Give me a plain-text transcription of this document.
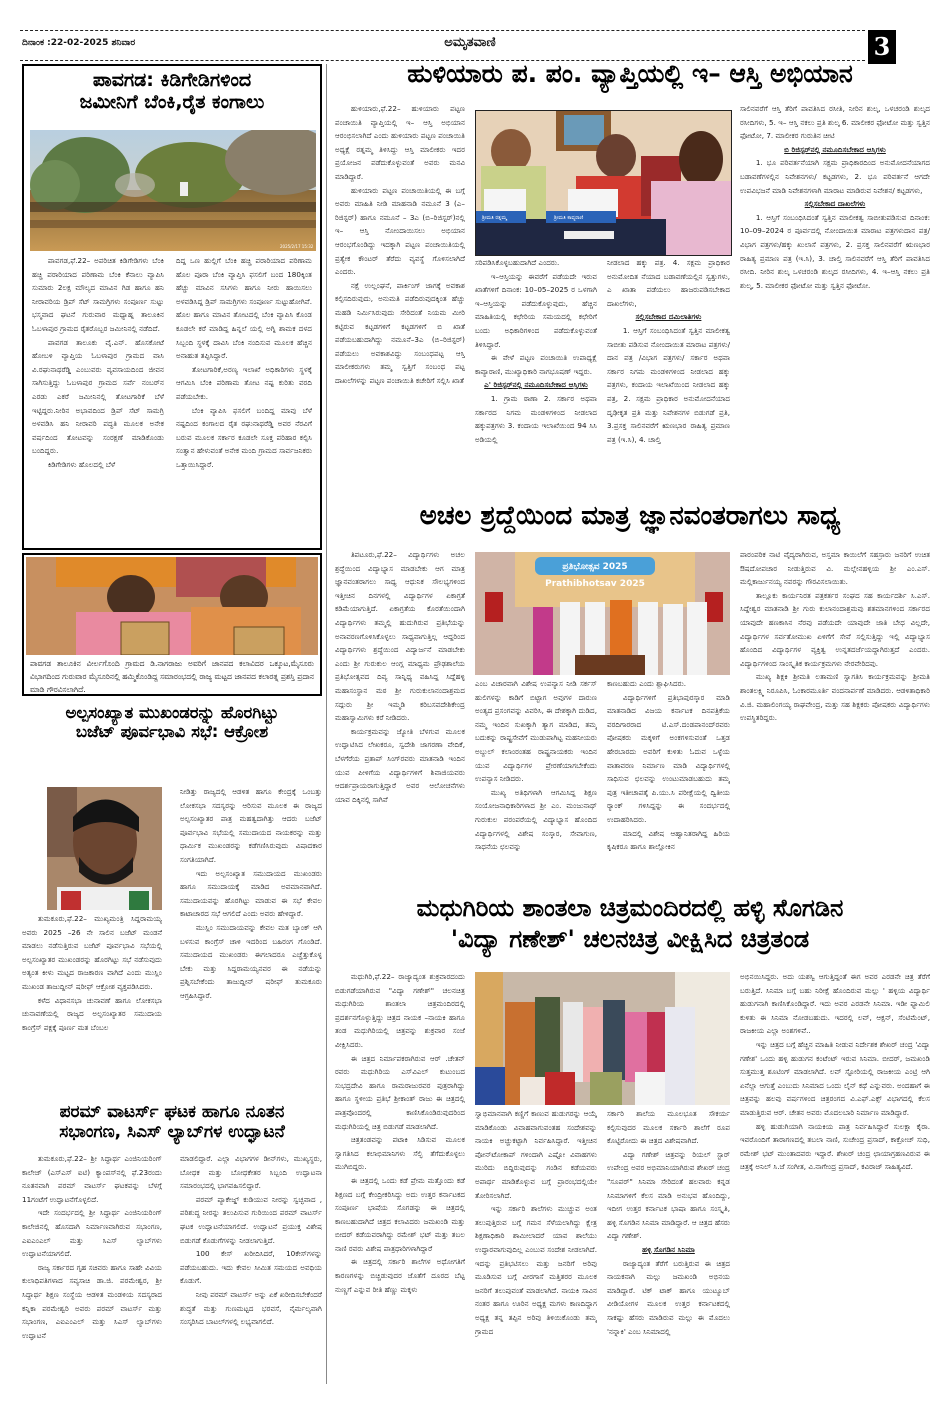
ದಿನಾಂಕ :22-02-2025 ಶನಿವಾರ	ಅಮೃತವಾಣಿ	3
ಪಾವಗಡ: ಕಿಡಿಗೇಡಿಗಳಿಂದ
ಜಮೀನಿಗೆ ಬೆಂಕಿ,ರೈತ ಕಂಗಾಲು
2025/2/17 15:32

ಪಾವಗಡ,ಫೆ.22– ಅಪರಿಚಿತ ಕಿಡಿಗೇಡಿಗಳು ಬೆಂಕಿ ಹಚ್ಚಿ ಪರಾರಿಯಾದ ಪರಿಣಾಮ ಬೆಂಕಿ ಕೆನಾಲು ವ್ಯಾಪಿಸಿ ಸುಮಾರು 2ಲಕ್ಷ ಮೌಲ್ಯದ ಮಾವಿನ ಗಿಡ ಹಾಗೂ ಹನಿ ನೀರಾವರಿಯ ಡ್ರಿಪ್ ಸೆಟ್ ಸಾಮಗ್ರಿಗಳು ಸಂಪೂರ್ಣ ಸುಟ್ಟು ಭಸ್ಮವಾದ ಘಟನೆ ಗುರುವಾರ ಮಧ್ಯಾಹ್ನ ತಾಲೂಕಿನ ಓಬಳಾಪುರ ಗ್ರಾಮದ ರೈತರೊಬ್ಬರ ಜಮೀನಿನಲ್ಲಿ ನಡೆದಿದೆ.

ಪಾವಗಡ ತಾಲೂಕು ವೈ.ಎನ್. ಹೊಸಕೋಟೆ ಹೋಬಳಿ ವ್ಯಾಪ್ತಿಯ ಓಬಳಾಪುರ ಗ್ರಾಮದ ವಾಸಿ ವಿ.ರಘುನಾಥರೆಡ್ಡಿ ಎಂಬುವರು ವ್ಯವಸಾಯದಿಂದ ಜೀವನ ಸಾಗಿಸುತ್ತಿದ್ದು ಓಬಳಾಪುರ ಗ್ರಾಮದ ಸರ್ವೆ ನಂಬರ್‌ನ ಎರಡು ಎಕರೆ ಜಮೀನಿನಲ್ಲಿ ತೋಟಗಾರಿಕೆ ಬೆಳೆ ಇಟ್ಟಿದ್ದರು.ನೀರಿನ ಅಭಾವದಿಂದ ಡ್ರಿಪ್ ಸೆಟ್ ಸಾಮಗ್ರಿ ಅಳವಡಿಸಿ ಹನಿ ನೀರಾವರಿ ಪದ್ಧತಿ ಮೂಲಕ ಅನೇಕ ವರ್ಷದಿಂದ ತೋಟವನ್ನು ಸಂರಕ್ಷಣೆ ಮಾಡಿಕೊಂಡು ಬಂದಿದ್ದರು.

ಕಿಡಿಗೇಡಿಗಳು ಹೊಲದಲ್ಲಿ ಬೆಳೆ

ದಿದ್ದ ಒಣ ಹುಲ್ಲಿಗೆ ಬೆಂಕಿ ಹಚ್ಚಿ ಪರಾರಿಯಾದ ಪರಿಣಾಮ ಹೊಲ ಪೂರಾ ಬೆಂಕಿ ವ್ಯಾಪ್ತಿಸಿ ಫಸಲಿಗೆ ಬಂದ 180ಕ್ಕಿಂತ ಹೆಚ್ಚು ಮಾವಿನ ಸಸಿಗಳು ಹಾಗೂ ನೀರು ಹಾಯಿಸಲು ಅಳವಡಿಸಿದ್ದ ಡ್ರಿಪ್ ಸಾಮಗ್ರಿಗಳು ಸಂಪೂರ್ಣ ಸುಟ್ಟುಹೋಗಿವೆ. ಹೊಲ ಹಾಗೂ ಮಾವಿನ ತೋಟದಲ್ಲಿ ಬೆಂಕಿ ವ್ಯಾಪಿಸಿ ಕೊಂಡ ಕೂಡಲೇ ಕರೆ ಮಾಡಿದ್ದ ಹಿನ್ನಲೆ ಯಲ್ಲಿ ಅಗ್ನಿ ಶಾಮಕ ದಳದ ಸಿಬ್ಬಂದಿ ಸ್ಥಳಕ್ಕೆ ದಾವಿಸಿ ಬೆಂಕಿ ನಂದಿಸುವ ಮೂಲಕ ಹೆಚ್ಚಿನ ಅನಾಹುತ ತಪ್ಪಿಸಿದ್ದಾರೆ.

ತೋಟಗಾರಿಕೆ,ಅರಣ್ಯ ಇಲಾಖೆ ಅಧಿಕಾರಿಗಳು ಸ್ಥಳಕ್ಕೆ ಆಗಮಿಸಿ ಬೆಂಕಿ ಪರಿಣಾಮ ತೋಟ ನಷ್ಟ ಕುರಿತು ವರದಿ ಪಡೆಯಬೇಕು.

ಬೆಂಕಿ ವ್ಯಾಪಿಸಿ ಫಸಲಿಗೆ ಬಂದಿದ್ದ ಮಾವು ಬೆಳೆ ನಷ್ಟದಿಂದ ಕಂಗಾಲದ ರೈತ ರಘುನಾಥರೆಡ್ಡಿ ಅವರ ನೆರವಿಗೆ ಬರುವ ಮೂಲಕ ಸರ್ಕಾರ ಕೂಡಲೇ ಸೂಕ್ತ ಪರಿಹಾರ ಕಲ್ಪಿಸಿ ಸಂತ್ವಾನ ಹೇಳುವಂತೆ ಅನೇಕ ಮಂದಿ ಗ್ರಾಮದ ಸಾರ್ವಜನಿಕರು ಒತ್ತಾಯಿಸಿದ್ದಾರೆ.

ಪಾವಗಡ ತಾಲೂಕಿನ ವೀರ್ಲಗೊಂದಿ ಗ್ರಾಮದ ಡಿ.ನಾಗರಾಜು ಅವರಿಗೆ ಜಾನಪದ ಕಲಾವಿದರ ಒಕ್ಕೂಟ,ಮೈಸೂರು ವಿಭಾಗದಿಂದ ಗುರುವಾರ ಮೈಸೂರಿನಲ್ಲಿ ಹಮ್ಮಿಕೊಂಡಿದ್ದ ಸಮಾರಂಭದಲ್ಲಿ ರಾಜ್ಯ ಮಟ್ಟದ ಜಾನಪದ ಕಲಾರತ್ನ ಪ್ರಶಸ್ತಿ ಪ್ರದಾನ ಮಾಡಿ ಗೌರವಿಸಲಾಗಿದೆ.
ಅಲ್ಪಸಂಖ್ಯಾತ ಮುಖಂಡರನ್ನು ಹೊರಗಿಟ್ಟು
ಬಜೆಟ್ ಪೂರ್ವಭಾವಿ ಸಭೆ: ಆಕ್ರೋಶ

ತುಮಕೂರು,ಫೆ.22– ಮುಖ್ಯಮಂತ್ರಿ ಸಿದ್ದರಾಮಯ್ಯ ಅವರು 2025 –26 ನೇ ಸಾಲಿನ ಬಜೆಟ್ ಮಂಡನೆ ಮಾಡಲು ನಡೆಸುತ್ತಿರುವ ಬಜೆಟ್ ಪೂರ್ವಭಾವಿ ಸಭೆಯಲ್ಲಿ ಅಲ್ಪಸಂಖ್ಯಾತರ ಮುಖಂಡರನ್ನು ಹೊರಗಿಟ್ಟು ಸಭೆ ನಡೆಸುವುದು ಅತ್ಯಂತ ಕೀಳು ಮಟ್ಟದ ರಾಜಕಾರಣ ವಾಗಿದೆ ಎಂದು ಮುಸ್ಲಿಂ ಮುಖಂಡ ತಾಜುದ್ದೀನ್ ಷರೀಫ್ ಆಕ್ರೋಶ ವ್ಯಕ್ತಪಡಿಸಿದರು.

ಕಳೆದ ವಿಧಾನಸಭಾ ಚುನಾವಣೆ ಹಾಗೂ ಲೋಕಸಭಾ ಚುನಾವಣೆಯಲ್ಲಿ ರಾಜ್ಯದ ಅಲ್ಪಸಂಖ್ಯಾತರ ಸಮುದಾಯ ಕಾಂಗ್ರೆಸ್ ಪಕ್ಷಕ್ಕೆ ಪೂರ್ಣ ಮತ ಬೆಂಬಲ

ನೀಡಿತ್ತು ರಾಜ್ಯದಲ್ಲಿ ಆಡಳಿತ ಹಾಗೂ ಕೇಂದ್ರಕ್ಕೆ ಒಂಬತ್ತು ಲೋಕಸಭಾ ಸದಸ್ಯರನ್ನು ಆರಿಸುವ ಮೂಲಕ ಈ ರಾಜ್ಯದ ಅಲ್ಪಸಂಖ್ಯಾತರ ಪಾತ್ರ ಮಹತ್ವದಾಗಿತ್ತು ಆದರು ಬಜೆಟ್ ಪೂರ್ವಭಾವಿ ಸಭೆಯಲ್ಲಿ ಸಮುದಾಯದ ನಾಯಕರನ್ನು ಮತ್ತು ಧಾರ್ಮಿಕ ಮುಖಂಡರನ್ನು ಕಡೆಗಣಿಸಿರುವುದು ವಿಷಾದಕಾರ ಸಂಗತಿಯಾಗಿದೆ.

ಇದು ಅಲ್ಪಸಂಖ್ಯಾತ ಸಮುದಾಯದ ಮುಖಂಡರು ಹಾಗೂ ಸಮುದಾಯಕ್ಕೆ ಮಾಡಿದ ಅವಮಾನವಾಗಿದೆ. ಸಮುದಾಯವನ್ನು ಹೊರಗಿಟ್ಟು ಮಾಡುವ ಈ ಸಭೆ ಕೇವಲ ಕಾಟಾಚಾರದ ಸಭೆ ಆಗಲಿದೆ ಎಂದು ಅವರು ಹೇಳಿದ್ದಾರೆ.

ಮುಸ್ಲಿಂ ಸಮುದಾಯವನ್ನು ಕೇವಲ ಮತ ಬ್ಯಾಂಕ್ ಆಗಿ ಬಳಸುವ ಕಾಂಗ್ರೆಸ್ ಚಾಳಿ ಇದರಿಂದ ಬಹಿರಂಗ ಗೊಂಡಿದೆ. ಸಮುದಾಯದ ಮುಖಂಡರು ಈಗಲಾದರೂ ಎಚ್ಚೆತ್ತುಕೊಳ್ಳ ಬೇಕು ಮತ್ತು ಸಿದ್ದರಾಮಯ್ಯನವರ ಈ ನಡೆಯನ್ನು ಪ್ರಶ್ನಿಸಬೇಕೆಂದು ತಾಜುದ್ದೀನ್ ಷರೀಫ್ ತುಮಕೂರು ಆಗ್ರಹಿಸಿದ್ದಾರೆ.

ಪರಮ್ ವಾಟರ್ಸ್ ಘಟಕ ಹಾಗೂ ನೂತನ
ಸಭಾಂಗಣ, ಸಿಎಸ್ ಲ್ಯಾಬ್‌ಗಳ ಉದ್ಘಾಟನೆ

ತುಮಕೂರು,ಫೆ.22– ಶ್ರೀ ಸಿದ್ಧಾರ್ಥ ಎಂಜಿನಿಯರಿಂಗ್ ಕಾಲೇಜ್ (ಎಸ್‌ಎಸ್ ಐಟಿ) ಕ್ಯಾಂಪಸ್‌ನಲ್ಲಿ ಫೆ.23ರಂದು ನೂತನವಾಗಿ ಪರಮ್ ವಾಟರ್ಸ್ ಘಟಕವನ್ನು ಬೆಳಗ್ಗೆ 11ಗಂಟೆಗೆ ಉದ್ಘಾಟನೆಗೊಳ್ಳಲಿದೆ.

ಇದೇ ಸಂದರ್ಭದಲ್ಲಿ ಶ್ರೀ ಸಿದ್ಧಾರ್ಥ ಎಂಜಿನಿಯರಿಂಗ್ ಕಾಲೇಜಿನಲ್ಲಿ ಹೊಸದಾಗಿ ನಿರ್ಮಾಣವಾಗಿರುವ ಸಭಾಂಗಣ, ಎಐಎಂಎಲ್ ಮತ್ತು ಸಿಎಸ್ ಲ್ಯಾಬ್‌ಗಳು ಉದ್ಘಾಟನೆಯಾಗಲಿದೆ.

ರಾಜ್ಯ ಸರ್ಕಾರದ ಗೃಹ ಸಚಿವರು ಹಾಗೂ ಸಾಹೇ ವಿವಿಯ ಕುಲಾಧಿಪತಿಗಳಾದ ಸವ್ಯಸಾಚಿ ಡಾ.ಜಿ. ಪರಮೇಶ್ವರ, ಶ್ರೀ ಸಿದ್ಧಾರ್ಥ ಶಿಕ್ಷಣ ಸಂಸ್ಥೆಯ ಆಡಳಿತ ಮಂಡಳಿಯ ಸದಸ್ಯರಾದ ಕನ್ನಿಕಾ ಪರಮೇಶ್ವರಿ ಅವರು ಪರಮ್ ವಾಟರ್ಸ್ ಮತ್ತು ಸಭಾಂಗಣ, ಎಐಎಂಎಲ್ ಮತ್ತು ಸಿಎಸ್ ಲ್ಯಾಬ್‌ಗಳು ಉದ್ಘಾಟನೆ

ಮಾಡಲಿದ್ದಾರೆ. ಎಲ್ಲಾ ವಿಭಾಗಗಳ ಡೀನ್‌ಗಳು, ಮುಖ್ಯಸ್ಥರು, ಬೋಧಕ ಮತ್ತು ಬೋಧಕೇತರ ಸಿಬ್ಬಂದಿ ಉದ್ಘಾಟನಾ ಸಮಾರಂಭದಲ್ಲಿ ಭಾಗವಹಿಸಲಿದ್ದಾರೆ.

ಪರಮ್ ಪ್ಯಾಕೇಜ್ಡ್ ಕುಡಿಯುವ ನೀರನ್ನು ಸ್ವಚ್ಛವಾದ , ಪರಿಶುದ್ಧ ನೀರನ್ನು ತಲುಪಿಸುವ ಗುರಿಯಿಂದ ಪರಮ್ ವಾಟರ್ಸ್ ಘಟಕ ಉದ್ಘಾಟನೆಯಾಗಲಿದೆ. ಉದ್ಘಾಟನೆ ಪ್ರಯುಕ್ತ ವಿಶೇಷ ಬಿಡುಗಡೆ ಕೊಡುಗೆಗಳನ್ನು ನೀಡಲಾಗುತ್ತಿದೆ.

100 ಕೇಸ್ ಖರೀದಿಸಿದರೆ, 10ಕೇಸ್‌ಗಳನ್ನು ಪಡೆಯಬಹುದು. ಇದು ಕೇವಲ ಸೀಮಿತ ಸಮಯದ ಅವಧಿಯ ಕೊಡುಗೆ.

ನೀವು ಪರಮ್ ವಾಟರ್ಸ್ ಅನ್ನು ಏಕೆ ಖರೀದಿಸಬೇಕೆಂದರೆ ಶುದ್ಧತೆ ಮತ್ತು ಗುಣಮಟ್ಟದ ಭರವಸೆ, ನೈರ್ಮಲ್ಯವಾಗಿ ಸಂಸ್ಕರಿಸಿದ ಬಾಟಲ್‌ಗಳಲ್ಲಿ ಲಭ್ಯವಾಗಲಿದೆ.

ಹುಳಿಯಾರು ಪ. ಪಂ. ವ್ಯಾಪ್ತಿಯಲ್ಲಿ ಇ– ಆಸ್ತಿ ಅಭಿಯಾನ

ಹುಳಿಯಾರು,ಫೆ.22– ಹುಳಿಯಾರು ಪಟ್ಟಣ ಪಂಚಾಯಿತಿ ವ್ಯಾಪ್ತಿಯಲ್ಲಿ ಇ– ಆಸ್ತಿ ಅಭಿಯಾನ ಆರಂಭಿಸಲಾಗಿದೆ ಎಂದು ಹುಳಿಯಾರು ಪಟ್ಟಣ ಪಂಚಾಯಿತಿ ಅಧ್ಯಕ್ಷೆ ರತ್ನಮ್ಮ ತಿಳಿಸಿದ್ದು ಆಸ್ತಿ ಮಾಲೀಕರು ಇದರ ಪ್ರಯೋಜನ ಪಡೆದುಕೊಳ್ಳುವಂತೆ ಅವರು ಮನವಿ ಮಾಡಿದ್ದಾರೆ.

ಹುಳಿಯಾರು ಪಟ್ಟಣ ಪಂಚಾಯಿತಿಯಲ್ಲಿ ಈ ಬಗ್ಗೆ ಅವರು ಮಾಹಿತಿ ನೀಡಿ ಮಾಹನಾಡಿ ನಮೂನೆ 3 (ಎ–ರಿಜಿಸ್ಟರ್) ಹಾಗೂ ನಮೂನೆ – 3ಎ (ಬಿ–ರಿಜಿಸ್ಟರ್)ನಲ್ಲಿ ಇ– ಆಸ್ತಿ ನೋಂದಾಯಿಸಲು ಅಭಿಯಾನ ಆರಂಭಗೊಂಡಿದ್ದು ಇದಕ್ಕಾಗಿ ಪಟ್ಟಣ ಪಂಚಾಯಿತಿಯಲ್ಲಿ ಪ್ರತ್ಯೇಕ ಕೌಂಟರ್ ತೆರೆದು ವ್ಯವಸ್ಥೆ ಗೊಳಿಸಲಾಗಿದೆ ಎಂದರು.

ನಕ್ಷೆ ಉಲ್ಲಂಘನೆ, ಪಾರ್ಕಿಂಗ್ ಜಾಗಕ್ಕೆ ಅವಕಾಶ ಕಲ್ಪಿಸದಿರುವುದು, ಅನುಮತಿ ಪಡೆದಿರುವುದಕ್ಕಿಂತ ಹೆಚ್ಚು ಮಹಡಿ ನಿರ್ಮಿಸಿರುವುದು ಸೇರಿದಂತೆ ನಿಯಮ ಮೀರಿ ಕಟ್ಟಿರುವ ಕಟ್ಟಡಗಳಿಗೆ ಕಟ್ಟಡಗಳಿಗೆ ಬಿ ಖಾತೆ ಪಡೆಯಬಹುದಾಗಿದ್ದು ನಮೂನೆ–3ಎ (ಬಿ–ರಿಜಿಸ್ಟರ್) ಪಡೆಯಲು ಅವಕಾಶವಿದ್ದು ಸಂಬಂಧಪಟ್ಟ ಆಸ್ತಿ ಮಾಲೀಕರುಗಳು ತಮ್ಮ ಸ್ವತ್ತಿಗೆ ಸಂಬಂಧ ಪಟ್ಟ ದಾಖಲೆಗಳನ್ನು ಪಟ್ಟಣ ಪಂಚಾಯಿತಿ ಕಚೇರಿಗೆ ಸಲ್ಲಿಸಿ ಖಾತೆ

ಶ್ರೀಮತಿ ರತ್ನಮ್ಮ	ಶ್ರೀಮತಿ ಕಾವ್ಯರಾಣಿ

ಸರಿಪಡಿಸಿಕೊಳ್ಳಬಹುದಾಗಿದೆ ಎಂದರು.

ಇ–ಆಸ್ತಿಯನ್ನು ಈವರೆಗೆ ಪಡೆಯದೇ ಇರುವ ಖಾತೆಗಳಿಗೆ ದಿನಾಂಕ: 10–05–2025 ರ ಒಳಗಾಗಿ ಇ–ಆಸ್ತಿಯನ್ನು ಪಡೆದುಕೊಳ್ಳುವುದು, ಹೆಚ್ಚಿನ ಮಾಹಿತಿಯಲ್ಲಿ ಕಛೇರಿಯ ಸಮಯದಲ್ಲಿ ಕಛೇರಿಗೆ ಬಂದು ಅಧಿಕಾರಿಗಳಿಂದ ಪಡೆದುಕೊಳ್ಳುವಂತೆ ತಿಳಿಸಿದ್ದಾರೆ.

ಈ ವೇಳೆ ಪಟ್ಟಣ ಪಂಚಾಯಿತಿ ಉಪಾಧ್ಯಕ್ಷೆ ಕಾವ್ಯಾರಾಣಿ, ಮುಖ್ಯಾಧಿಕಾರಿ ನಾಗಭೂಷಣ್ ಇದ್ದರು.

ಎ' ರಿಜಿಸ್ಟರ್‌ನಲ್ಲಿ ನಮೂದಿಸಬೇಕಾದ ಆಸ್ತಿಗಳು

1. ಗ್ರಾಮ ಠಾಣಾ 2. ಸರ್ಕಾರ ಅಥವಾ ಸರ್ಕಾರದ ನಿಗಮ ಮಂಡಳಿಗಳಿಂದ ನೀಡಲಾದ ಹಕ್ಕುಪತ್ರಗಳು 3. ಕಂದಾಯ ಇಲಾಖೆಯಿಂದ 94 ಸಿಸಿ ಅಡಿಯಲ್ಲಿ

ನೀಡಲಾದ ಹಕ್ಕು ಪತ್ರ. 4. ಸಕ್ಷಮ ಪ್ರಾಧಿಕಾರ ಅನುಮೋದಿತ ನೆಯಾದ ಬಡಾವಣೆಯಲ್ಲಿನ ಸ್ವತ್ತುಗಳು, ಎ ಖಾತಾ ಪಡೆಯಲು ಹಾಜರುಪಡಿಸಬೇಕಾದ ದಾಖಲೆಗಳು,

ಸಲ್ಲಿಸಬೇಕಾದ ದಮಿಲಾತಿಗಳು

1. ಆಸ್ತಿಗೆ ಸಂಬಂಧಿಸಿದಂತೆ ಸ್ವತ್ತಿನ ಮಾಲೀಕತ್ವ ಸಾಬೀತು ಪಡಿಸುವ ನೋಂದಾಯಿತ ಮಾರಾಟ ಪತ್ರಗಳು/ದಾನ ಪತ್ರ /ವಿಭಾಗ ಪತ್ರಗಳು/ ಸರ್ಕಾರ ಅಥವಾ ಸರ್ಕಾರ ನಿಗಮ ಮಂಡಳಿಗಳಿಂದ ನೀಡಲಾದ ಹಕ್ಕು ಪತ್ರಗಳು, ಕಂದಾಯ ಇಲಾಖೆಯಿಂದ ನೀಡಲಾದ ಹಕ್ಕು ಪತ್ರ, 2. ಸಕ್ಷಮ ಪ್ರಾಧಿಕಾರ ಅನುಮೋದನೆಯಾದ ದೃಢೀಕೃತ ಪ್ರತಿ ಮತ್ತು ನಿವೇಶನಗಳ ಬಿಡುಗಡೆ ಪ್ರತಿ, 3.ಪ್ರಸಕ್ತ ಸಾಲಿನವರೆಗೆ ಋಣಭಾರ ರಾಹಿತ್ಯ ಪ್ರಮಾಣ ಪತ್ರ (ಇ.ಸಿ), 4. ಚಾಲ್ತಿ

ಸಾಲಿನವರೆಗೆ ಆಸ್ತಿ ತೆರಿಗೆ ಪಾವತಿಸಿದ ರಸೀತಿ, ನೀರಿನ ಶುಲ್ಕ, ಒಳಚರಂಡಿ ಶುಲ್ಕದ ರಸೀದಿಗಳು, 5. ಇ– ಆಸ್ತಿ ನಕಲು ಪ್ರತಿ ಶುಲ್ಕ 6. ಮಾಲೀಕರ ಫೋಟೋ ಮತ್ತು ಸ್ವತ್ತಿನ ಫೋಟೋ, 7. ಮಾಲೀಕರ ಗುರುತಿನ ಚೀಟಿ

ಬಿ ರಿಜಿಸ್ಟರ್‌ನಲ್ಲಿ ನಮೂದಿಸಬೇಕಾದ ಆಸ್ತಿಗಳು

1. ಭೂ ಪರಿವರ್ತನೆಯಾಗಿ ಸಕ್ಷಮ ಪ್ರಾಧಿಕಾರದಿಂದ ಅನುಮೋದನೆಯಾಗದ ಬಡಾವಣೆಗಳಲ್ಲಿನ ನಿವೇಶನಗಳು/ ಕಟ್ಟಡಗಳು, 2. ಭೂ ಪರಿವರ್ತನೆ ಆಗದೇ ಉಪವಿಭಜನೆ ಮಾಡಿ ನಿವೇಶನಗಳಾಗಿ ಮಾರಾಟ ಮಾಡಿರುವ ನಿವೇಶನ/ ಕಟ್ಟಡಗಳು,

ಸಲ್ಲಿಸಬೇಕಾದ ದಾಖಲೆಗಳು

1. ಆಸ್ತಿಗೆ ಸಂಬಂಧಿಸಿದಂತೆ ಸ್ವತ್ತಿನ ಮಾಲೀಕತ್ವ ಸಾಬೀತುಪಡಿಸುವ ದಿನಾಂಕ: 10–09–2024 ರ ಪೂರ್ವದಲ್ಲಿ ನೋಂದಾಯಿತ ಮಾರಾಟ ಪತ್ರಗಳುದಾನ ಪತ್ರ/ವಿಭಾಗ ಪತ್ರಗಳು/ಹಕ್ಕು ಖುಲಾಸೆ ಪತ್ರಗಳು, 2. ಪ್ರಸಕ್ತ ಸಾಲಿನವರೆಗೆ ಋಣಭಾರ ರಾಹಿತ್ಯ ಪ್ರಮಾಣ ಪತ್ರ (ಇ.ಸಿ), 3. ಚಾಲ್ತಿ ಸಾಲಿನವರೆಗೆ ಆಸ್ತಿ ತೆರಿಗೆ ಪಾವತಿಸಿದ ರಸೀದಿ. ನೀರಿನ ಶುಲ್ಕ ಒಳಚರಂಡಿ ಶುಲ್ಕದ ರಸೀದಿಗಳು, 4. ಇ–ಆಸ್ತಿ ನಕಲು ಪ್ರತಿ ಶುಲ್ಕ, 5. ಮಾಲೀಕರ ಫೋಟೋ ಮತ್ತು ಸ್ವತ್ತಿನ ಫೋಟೋ.

ಅಚಲ ಶ್ರದ್ದೆಯಿಂದ ಮಾತ್ರ ಜ್ಞಾನವಂತರಾಗಲು ಸಾಧ್ಯ

ತಿಪಟೂರು,ಫೆ.22– ವಿದ್ಯಾರ್ಥಿಗಳು ಅಚಲ ಶ್ರದ್ಧೆಯಿಂದ ವಿದ್ಯಾಭ್ಯಾಸ ಮಾಡಬೇಕು ಆಗ ಮಾತ್ರ ಜ್ಞಾನವಂತರಾಗಲು ಸಾಧ್ಯ ಆಧುನಿಕ ಸೌಲಭ್ಯಗಳಿಂದ ಇತ್ತೀಚಿನ ದಿನಗಳಲ್ಲಿ ವಿದ್ಯಾರ್ಥಿಗಳ ಏಕಾಗ್ರತೆ ಕಡಿಮೆಯಾಗುತ್ತಿದೆ. ಏಕಾಗ್ರತೆಯ ಕೊರತೆಯಿಂದಾಗಿ ವಿದ್ಯಾರ್ಥಿಗಳು ತಮ್ಮಲ್ಲಿ ಹುದುಗಿರುವ ಪ್ರತಿಭೆಯನ್ನು ಅನಾವರಣಗೊಳಿಸಿಕೊಳ್ಳಲು ಸಾಧ್ಯವಾಗುತ್ತಿಲ್ಲ ಆದ್ದರಿಂದ ವಿದ್ಯಾರ್ಥಿಗಳು ಶ್ರದ್ಧೆಯಿಂದ ವಿದ್ಯಾರ್ಜನೆ ಮಾಡಬೇಕು ಎಂದು ಶ್ರೀ ಗುರುಕುಲ ಆಂಗ್ಲ ಮಾಧ್ಯಮ ಪ್ರೌಢಶಾಲೆಯ ಪ್ರತಿಭೋತ್ಸವದ ದಿವ್ಯ ಸಾನ್ನಿಧ್ಯ ವಹಿಸಿದ್ದ ಸಿದ್ದೆಹಳ್ಳಿ ಮಹಾಸಂಸ್ಥಾನ ಮಠ ಶ್ರೀ ಗುರುಕುಲಾನಂದಾಶ್ರಮದ ಸದ್ಗುರು ಶ್ರೀ ಇಮ್ಮಡಿ ಕರಿಬಸವದೇಶಿಕೇಂದ್ರ ಮಹಾಸ್ವಾಮಿಗಳು ಕರೆ ನೀಡಿದರು.

ಕಾರ್ಯಕ್ರಮವನ್ನು ಜ್ಯೋತಿ ಬೆಳಗುವ ಮೂಲಕ ಉದ್ಘಾಟಿಸಿದ ಲೇಖಕರೂ, ಸ್ವದೇಶಿ ಜಾಗರಣಾ ವೇದಿಕೆ, ಬೆಳಗೆರೆಯ ಪ್ರತಾಪ್ ಸಿಂಗ್‌ರವರು ಮಾತನಾಡಿ ಇಂದಿನ ಯುವ ಪೀಳಿಗೆಯ ವಿದ್ಯಾರ್ಥಿಗಳಿಗೆ ಶಿವಾಜಿಯವರು ಆದರ್ಶಪ್ರಾಯರಾಗುತ್ತಿದ್ದಾರೆ ಅವರ ಆಲೋಚನೆಗಳು ಯಾವ ದಿಕ್ಕಿನಲ್ಲಿ ಸಾಗಿವೆ

ಪ್ರತಿಭೋತ್ಸವ 2025
Prathibhotsav 2025

ಎಂಬ ವಿಚಾರವಾಗಿ ವಿಶೇಷ ಉಪನ್ಯಾಸ ನೀಡಿ ಸರ್ಕಸ್ ಹುಲಿಗಳನ್ನು ಕಾಡಿಗೆ ಬಿಟ್ಟಾಗ ಅವುಗಳ ದಾರುಣ ಅಂತ್ಯದ ಪ್ರಸಂಗವನ್ನು ವಿವರಿಸಿ, ಈ ದೇಶಕ್ಕಾಗಿ ದುಡಿದ, ನಮ್ಮ ಇಂದಿನ ಸುಖಕ್ಕಾಗಿ ತ್ಯಾಗ ಮಾಡಿದ, ತಮ್ಮ ಬದುಕನ್ನು ರಾಷ್ಟ್ರಸೇವೆಗೆ ಮುಡುಪಾಗಿಟ್ಟ ಮಹನೀಯರು ಅಬ್ದುಲ್ ಕಲಾಂರಂತಹ ರಾಷ್ಟ್ರನಾಯಕರು ಇಂದಿನ ಯುವ ವಿದ್ಯಾರ್ಥಿಗಳ ಪ್ರೇರಣೆಯಾಗಬೇಕೆಂದು ಉಪನ್ಯಾಸ ನೀಡಿದರು.

ಮುಖ್ಯ ಅತಿಥಿಗಳಾಗಿ ಆಗಮಿಸಿದ್ದ ಶಿಕ್ಷಣ ಸಂಯೋಜನಾಧಿಕಾರಿಗಳಾದ ಶ್ರೀ ಎಂ. ಮಂಜುನಾಥ್ ಗುರುಕುಲ ಪರಂಪರೆಯಲ್ಲಿ ವಿದ್ಯಾಭ್ಯಾಸ ಹೊಂದಿದ ವಿದ್ಯಾರ್ಥಿಗಳಲ್ಲಿ ವಿಶೇಷ ಸಂಸ್ಕಾರ, ಸೇವಾಗುಣ, ಸಾಧನೆಯ ಛಲವನ್ನು

ಕಾಣಬಹುದು ಎಂದು ಶ್ಲಾಘಿಸಿದರು.

ವಿದ್ಯಾರ್ಥಿಗಳಿಗೆ ಪ್ರತಿಭಾಪುರಸ್ಕಾರ ಮಾಡಿ ಮಾತನಾಡಿದ ವಿಜಯ ಕರ್ನಾಟಕ ದಿನಪತ್ರಿಕೆಯ ವರದಿಗಾರರಾದ ಟಿ.ಎಸ್.ದಂಡಪಾನಂದ್‌ರವರು ಪೋಷಕರು ಮಕ್ಕಳಿಗೆ ಅಂಕಗಳಿಸುವಂತೆ ಒತ್ತಡ ಹೇರಬಾರದು ಅವರಿಗೆ ಕುಳಿತು ಓದುವ ಒಳ್ಳೆಯ ವಾತಾವರಣ ನಿರ್ಮಾಣ ಮಾಡಿ ವಿದ್ಯಾರ್ಥಿಗಳಲ್ಲಿ ಸಾಧಿಸುವ ಛಲವನ್ನು ಉಂಟುಮಾಡಬಹುದು ತಮ್ಮ ಪುತ್ರ ಇತೀಚಾಪತ್ಕೆ ಪಿ.ಯು.ಸಿ ಪರೀಕ್ಷೆಯಲ್ಲಿ ದ್ವಿತೀಯ ರ್‍ಯಾಂಕ್ ಗಳಿಸಿದ್ದನ್ನು ಈ ಸಂದರ್ಭದಲ್ಲಿ ಉದಾಹರಿಸಿದರು.

ಮಾದಲ್ಲಿ ವಿಶೇಷ ಆಹ್ವಾನಿತರಾಗಿದ್ದ ಹಿರಿಯ ಕೃಷಿಕರೂ ಹಾಗೂ ಶಾಲ್ಲೋಕಿನ

ಪಾರಂಪರಿಕ ನಾಟಿ ವೈದ್ಯರಾಗಿರುವ, ಅಸ್ತಮಾ ಕಾಯಿಲೆಗೆ ಸಹಸ್ರಾರು ಜನರಿಗೆ ಉಚಿತ ಔಷದೋಪಚಾರ ನೀಡುತ್ತಿರುವ ವಿ. ಮಲ್ಲೇನಹಳ್ಳಿಯ ಶ್ರೀ ಎಂ.ಎಸ್. ಮಲ್ಲಿಕಾರ್ಜುನಯ್ಯ ನವರನ್ನು ಗೌರವಿಸಲಾಯಿತು.

ತಾಲ್ಲೂಕು ಕಾರ್ಯನಿರತ ಪತ್ರಕರ್ತರ ಸಂಘದ ಸಹ ಕಾರ್ಯದರ್ಶಿ ಸಿ.ಎಸ್. ಸಿದ್ದೇಶ್ವರ ಮಾತನಾಡಿ ಶ್ರೀ ಗುರು ಕುಲಾನಂದಾಶ್ರಮವು ಶತಮಾನಗಳಿಂದ ಸರ್ಕಾರದ ಯಾವುದೇ ಹಣಕಾಸಿನ ನೆರವು ಪಡೆಯದೇ ಯಾವುದೇ ಜಾತಿ ಬೇಧ ವಿಲ್ಲದೇ, ವಿದ್ಯಾರ್ಥಿಗಳ ಸರ್ವತೋಮುಖ ಏಳಿಗೆಗೆ ಸೇವೆ ಸಲ್ಲಿಸುತ್ತಿದ್ದು ಇಲ್ಲಿ ವಿದ್ಯಾಭ್ಯಾಸ ಹೊಂದಿದ ವಿದ್ಯಾರ್ಥಿಗಳ ವ್ಯಕ್ತಿತ್ವ ಉನ್ನತದರ್ಜೆಯದ್ದಾಗಿರುತ್ತದೆ ಎಂದರು. ವಿದ್ಯಾರ್ಥಿಗಳಿಂದ ಸಾಂಸ್ಕೃತಿಕ ಕಾರ್ಯಕ್ರಮಗಳು ನೇರವೇರಿದವು.

ಮುಖ್ಯ ಶಿಕ್ಷಕಿ ಶ್ರೀಮತಿ ಲತಾಮಣಿ ಸ್ವಾಗತಿಸಿ ಕಾರ್ಯಕ್ರಮವನ್ನು ಶ್ರೀಮತಿ ಶಾಂತಲಕ್ಷ್ಮಿ ನಿರೂಪಿಸಿ, ಓಂಕಾರಮೂರ್ತಿ ವಂದನಾರ್ಪಣೆ ಮಾಡಿದರು. ಆಡಳಿತಾಧಿಕಾರಿ ವಿ.ಜಿ. ಮಹಾಲಿಂಗಯ್ಯ ರಾಘವೇಂದ್ರ, ಮತ್ತು ಸಹ ಶಿಕ್ಷಕರು ಪೋಷಕರು ವಿದ್ಯಾರ್ಥಿಗಳು ಉಪಸ್ಥಿತರಿದ್ದರು.

ಮಧುಗಿರಿಯ ಶಾಂತಲಾ ಚಿತ್ರಮಂದಿರದಲ್ಲಿ ಹಳ್ಳಿ ಸೊಗಡಿನ
'ವಿದ್ಯಾ ಗಣೇಶ್' ಚಲನಚಿತ್ರ ವೀಕ್ಷಿಸಿದ ಚಿತ್ರತಂಡ

ಮಧುಗಿರಿ,ಫೆ.22– ರಾಜ್ಯಾದ್ಯಂತ ಶುಕ್ರವಾರದಂದು ಬಿಡುಗಡೆಯಾಗಿರುವ "ವಿದ್ಯಾ ಗಣೇಶ್" ಚಲನಚಿತ್ರ ಮಧುಗಿರಿಯ ಶಾಂತಲಾ ಚಿತ್ರಮಂದಿರದಲ್ಲಿ ಪ್ರದರ್ಶನಗೊಳ್ಳುತ್ತಿದ್ದು ಚಿತ್ರದ ನಾಯಕ –ನಾಯಕಿ ಹಾಗೂ ತಂಡ ಮಧುಗಿರಿಯಲ್ಲಿ ಚಿತ್ರವನ್ನು ಶುಕ್ರವಾರ ಸಂಜೆ ವೀಕ್ಷಿಸಿದರು.

ಈ ಚಿತ್ರದ ನಿರ್ಮಾಪಕರಾಗಿರುವ ಆರ್ .ಚೇತನ್ ರವರು ಮಧುಗಿರಿಯ ಎಸ್‌ವಿಎಲ್ ಕುಟುಂಬದ ಸುಭದ್ರದೇವಿ ಹಾಗೂ ರಾಮರಾಜುರವರ ಪುತ್ರರಾಗಿದ್ದು ಹಾಗೂ ಸ್ಥಳೀಯ ಪ್ರತಿಭೆ ಶ್ರೀಕಾಂತ್ ರಾಜು ಈ ಚಿತ್ರದಲ್ಲಿ ಪಾತ್ರವೊಂದರಲ್ಲಿ ಕಾಣಿಸಿಕೊಂಡಿರುವುದರಿಂದ ಮಧುಗಿರಿಯಲ್ಲಿ ಚಿತ್ರ ಬಿಡುಗಡೆ ಮಾಡಲಾಗಿದೆ.

ಚಿತ್ರತಂಡವನ್ನು ಪಟಾಕಿ ಸಿಡಿಸುವ ಮೂಲಕ ಸ್ವಾಗತಿಸಿದ ಕಲಾಭಿಮಾನಿಗಳು ಸೆಲ್ಫಿ ತೆಗೆದುಕೊಳ್ಳಲು ಮುಗಿಬಿದ್ದರು.

ಈ ಚಿತ್ರದಲ್ಲಿ ಒಂದು ಕಡೆ ಪ್ರೇಮ ಮತ್ತೊಂದು ಕಡೆ ಶಿಕ್ಷಣದ ಬಗ್ಗೆ ಕೇಂದ್ರೀಕರಿಸಿದ್ದು ಅದು ಉತ್ತರ ಕರ್ನಾಟಕದ ಸಂಪೂರ್ಣ ಭಾಷೆಯ ಸೊಗಡನ್ನು ಈ ಚಿತ್ರದಲ್ಲಿ ಕಾಣಬಹುದಾಗಿದೆ ಚಿತ್ರದ ಕಲಾವಿದರು ಜಮಖಂಡಿ ಮತ್ತು ಬೀದರ್ ಕಡೆಯವರಾಗಿದ್ದು ರಮೇಶ್ ಭಟ್ ಮತ್ತು ತಬಲ ನಾಣಿ ರವರು ವಿಶೇಷ ಪಾತ್ರಧಾರಿಗಳಾಗಿದ್ದಾರೆ

ಈ ಚಿತ್ರದಲ್ಲಿ ಸರ್ಕಾರಿ ಶಾಲೆಗಳ ಅಧೋಗತಿಗೆ ಕಾರಣಗಳನ್ನು ಬಿಚ್ಚಿಡುವುದರ ಜೊತೆಗೆ ದೂರದ ಬೆಟ್ಟ ನುಣ್ಣಗೆ ಎನ್ನುವ ರೀತಿ ಹೆಣ್ಣು ಮಕ್ಕಳು

ಸ್ವಾಭಿಮಾನವಾಗಿ ಕಣ್ಣಿಗೆ ಕಾಣುವ ಹುಡುಗರನ್ನು ಆಯ್ಕೆ ಮಾಡಿಕೊಂಡು ವಿವಾಹವಾಗುವಂತಹ ಸಂದೇಶವನ್ನು ನಾಯಕಿ ಅಚ್ಚುಕಟ್ಟಾಗಿ ನಿರ್ವಹಿಸಿದ್ದಾರೆ. ಇತ್ತೀಚಿನ ಪೋನ್‌ಟೋಕಾಪ್ ಗಳಿಂದಾಗಿ ಎಷ್ಟೋ ವಿವಾಹಗಳು ಮುರಿದು ಬಿದ್ದಿರುವುದನ್ನು ಗಂಡಿನ ಕಡೆಯವರು ಅಪಾರ್ಥ ಮಾಡಿಕೊಳ್ಳುವ ಬಗ್ಗೆ ಪ್ರಾರಂಭದಲ್ಲಿಯೇ ತೋರಿಸಲಾಗಿದೆ.

ಇನ್ನು ಸರ್ಕಾರಿ ಶಾಲೆಗಳು ಮುಚ್ಚುವ ಅಂತ ತಲುಪುತ್ತಿರುವ ಬಗ್ಗೆ ಗಮನ ಸೆಳೆಯಲಾಗಿದ್ದು ಕ್ಷೇತ್ರ ಶಿಕ್ಷಣಾಧಿಕಾರಿ ಶಾಮೀಲಾದರೆ ಯಾವ ಶಾಲೆಯು ಉದ್ಧಾರವಾಗುವುದಿಲ್ಲ ಎಂಬುವ ಸಂದೇಶ ನೀಡಲಾಗಿದೆ. ಇದನ್ನು ಪ್ರತಿಭಟಿಸಲು ಮತ್ತು ಜನರಿಗೆ ಅರಿವು ಮೂಡಿಸುವ ಬಗ್ಗೆ ವೀರಗಾಸೆ ಮತ್ತಿತರರ ಮೂಲಕ ಜನರಿಗೆ ತಲುಪುವಂತೆ ಮಾಡಲಾಗಿದೆ. ನಾಯಕಿ ಸಾವಿನ ನಂತರ ಹಾಗೂ ಊರಿನ ಅಧ್ಯಕ್ಷ ಮಗಳು ಕಾಣದಿದ್ದಾಗ ಅಧ್ಯಕ್ಷ ತನ್ನ ತಪ್ಪಿನ ಅರಿವು ತಿಳಿಯಿಕೊಂಡು ತಮ್ಮ ಗ್ರಾಮದ

ಸರ್ಕಾರಿ ಶಾಲೆಯ ಮೂಲಭೂತ ಸೌಕರ್ಯ ಕಲ್ಪಿಸುವುದರ ಮೂಲಕ ಸರ್ಕಾರಿ ಶಾಲೆಗೆ ರೂಪ ಕೊಟ್ಟಿರೋದು ಈ ಚಿತ್ರದ ವಿಶೇಷವಾಗಿದೆ.

ವಿದ್ಯಾ ಗಣೇಶ್ ಚಿತ್ರವನ್ನು ರಿಯಲ್ ಸ್ಟಾರ್ ಉಪೇಂದ್ರ ಅವರ ಅಭಿಮಾನಿಯಾಗಿರುವ ಶೇಖರ್ ಚಂದ್ರ "ಸೂಪರ್" ಸಿನಿಮಾ ಸೇರಿದಂತೆ ಹಲವಾರು ಕನ್ನಡ ಸಿನಿಮಾಗಳಿಗೆ ಕೆಲಸ ಮಾಡಿ ಅನುಭವ ಹೊಂದಿದ್ದು, ಇದೀಗ ಉತ್ತರ ಕರ್ನಾಟಕ ಭಾಷಾ ಹಾಗೂ ಸಂಸ್ಕೃತಿ, ಹಳ್ಳಿ ಸೊಗಡಿನ ಸಿನಿಮಾ ಮಾಡಿದ್ದಾರೆ. ಆ ಚಿತ್ರದ ಹೆಸರು ವಿದ್ಯಾ ಗಣೇಶ್.

ಹಳ್ಳಿ ಸೊಗಡಿನ ಸಿನಿಮಾ

ರಾಜ್ಯಾದ್ಯಂತ ತೆರೆಗೆ ಬರುತ್ತಿರುವ ಈ ಚಿತ್ರದ ನಾಯಕನಾಗಿ ಮಲ್ಲು ಜಮಖಂಡಿ ಅಭಿನಯ ಮಾಡಿದ್ದಾರೆ. ಟಿಕ್ ಟಾಕ್ ಹಾಗೂ ಯುಟ್ಯೂಬ್ ವೀಡಿಯೋಗಳ ಮೂಲಕ ಉತ್ತರ ಕರ್ನಾಟಕದಲ್ಲಿ ಸಾಕಷ್ಟು ಹೆಸರು ಮಾಡಿರುವ ಮಲ್ಲು ಈ ಮೊದಲು 'ನನ್ನಾಕಿ' ಎಂಬ ಸಿನಿಮಾದಲ್ಲಿ

ಅಭಿನಯಿಸಿದ್ದರು. ಅದು ಯಶಸ್ವಿ ಆಗುತ್ತಿದ್ದಂತೆ ಈಗ ಅವರ ಎರಡನೇ ಚಿತ್ರ ತೆರೆಗೆ ಬರುತ್ತಿದೆ. ಸಿನಿಮಾ ಬಗ್ಗೆ ಬಹು ನಿರೀಕ್ಷೆ ಹೊಂದಿರುವ ಮಲ್ಲು ' ಹಳ್ಳಿಯ ವಿದ್ಯಾರ್ಥಿ ಹುಡುಗನಾಗಿ ಕಾಣಿಸಿಕೊಂಡಿದ್ದಾರೆ. ಇದು ಅವರ ಎರಡನೇ ಸಿನಿಮಾ. ಇಡೀ ಫ್ಯಾಮಿಲಿ ಕುಳಿತು ಈ ಸಿನಿಮಾ ನೋಡಬಹುದು. ಇದರಲ್ಲಿ ಲವ್, ಆಕ್ಷನ್, ಸೆಂಟಿಮೆಂಟ್, ರಾಜಕೀಯ ಎಲ್ಲಾ ಅಂಶಗಳಿವೆ..

ಇನ್ನು ಚಿತ್ರದ ಬಗ್ಗೆ ಹೆಚ್ಚಿನ ಮಾಹಿತಿ ನೀಡುವ ನಿರ್ದೇಶಕ ಶೇಖರ್ ಚಂದ್ರ 'ವಿದ್ಯಾ ಗಣೇಶ' ಒಂದು ಹಳ್ಳಿ ಹುಡುಗನ ಕಂಟೆಂಟ್ ಇರುವ ಸಿನಿಮಾ. ಬೀದರ್, ಜಮಖಂಡಿ ಸುತ್ತಮುತ್ತ ಶೂಟಿಂಗ್ ಮಾಡಲಾಗಿದೆ. ಲವ್ ಸ್ಟೋರಿಯಲ್ಲಿ ರಾಜಕೀಯ ಎಂಟ್ರಿ ಆಗಿ ಏನೆಲ್ಲಾ ಆಗುತ್ತೆ ಎಂಬುದು ಸಿನಿಮಾದ ಒಂದು ಲೈನ್ ಕಥೆ ಎನ್ನುವರು. ಅಂದಹಾಗೆ ಈ ಚಿತ್ರವನ್ನು ಹಲವು ವರ್ಷಗಳಿಂದ ಚಿತ್ರರಂಗದ ವಿ.ಎಫ್.ಎಕ್ಸ್ ವಿಭಾಗದಲ್ಲಿ ಕೆಲಸ ಮಾಡುತ್ತಿರುವ ಆರ್. ಚೇತನ ಅವರು ಮೊದಲಬಾರಿ ನಿರ್ಮಾಣ ಮಾಡಿದ್ದಾರೆ.

ಹಳ್ಳಿ ಹುಡುಗಿಯಾಗಿ ನಾಯಕಿಯ ಪಾತ್ರ ನಿರ್ವಹಿಸಿದ್ದಾರೆ ಸುಲಕ್ಷಾ ಕೈರಾ. ಇವರೊಂದಿಗೆ ತಾರಾಗಣದಲ್ಲಿ ತಬಲಾ ನಾಣಿ, ಸುಚೇಂದ್ರ ಪ್ರಸಾದ್, ಕಾಕ್ರೋಚ್ ಸುಧಿ, ರಮೇಶ್ ಭಟ್ ಮುಂತಾದವರು ಇದ್ದಾರೆ. ಶೇಖರ್ ಚಂದ್ರ ಛಾಯಾಗ್ರಹಣವಿರುವ ಈ ಚಿತ್ರಕ್ಕೆ ಅನಿಲ್ ಸಿ.ಜೆ ಸಂಗೀತ, ವಿ.ನಾಗೇಂದ್ರ ಪ್ರಸಾದ್, ಕವಿರಾಜ್ ಸಾಹಿತ್ಯವಿದೆ.
